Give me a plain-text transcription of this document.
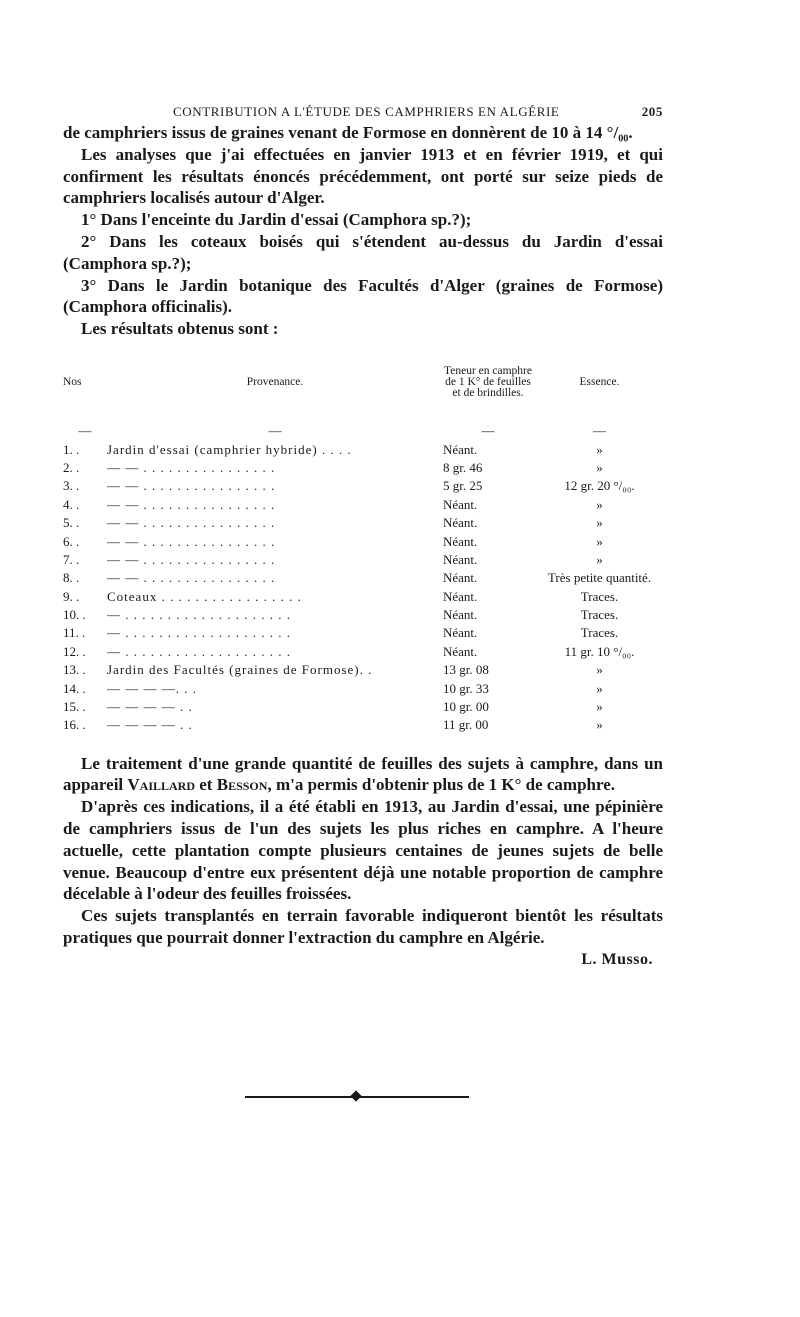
CONTRIBUTION A L'ÉTUDE DES CAMPHRIERS EN ALGÉRIE	205

de camphriers issus de graines venant de Formose en donnèrent de 10 à 14 °/₀₀.

Les analyses que j'ai effectuées en janvier 1913 et en février 1919, et qui confirment les résultats énoncés précédemment, ont porté sur seize pieds de camphriers localisés autour d'Alger.

1° Dans l'enceinte du Jardin d'essai (Camphora sp.?);

2° Dans les coteaux boisés qui s'étendent au-dessus du Jardin d'essai (Camphora sp.?);

3° Dans le Jardin botanique des Facultés d'Alger (graines de Formose) (Camphora officinalis).

Les résultats obtenus sont :

Nos	Provenance.	Teneur en camphre de 1 K° de feuilles et de brindilles.	Essence.
—	—	—	—
1. .	Jardin d'essai (camphrier hybride) . . . .	Néant.	»
2. .	— — . . . . . . . . . . . . . . . .	8 gr. 46	»
3. .	— — . . . . . . . . . . . . . . . .	5 gr. 25	12 gr. 20 °/₀₀.
4. .	— — . . . . . . . . . . . . . . . .	Néant.	»
5. .	— — . . . . . . . . . . . . . . . .	Néant.	»
6. .	— — . . . . . . . . . . . . . . . .	Néant.	»
7. .	— — . . . . . . . . . . . . . . . .	Néant.	»
8. .	— — . . . . . . . . . . . . . . . .	Néant.	Très petite quantité.
9. .	Coteaux . . . . . . . . . . . . . . . . .	Néant.	Traces.
10. .	— . . . . . . . . . . . . . . . . . . . .	Néant.	Traces.
11. .	— . . . . . . . . . . . . . . . . . . . .	Néant.	Traces.
12. .	— . . . . . . . . . . . . . . . . . . . .	Néant.	11 gr. 10 °/₀₀.
13. .	Jardin des Facultés (graines de Formose). .	13 gr. 08	»
14. .	— — — —. . .	10 gr. 33	»
15. .	— — — — . .	10 gr. 00	»
16. .	— — — — . .	11 gr. 00	»

Le traitement d'une grande quantité de feuilles des sujets à camphre, dans un appareil Vaillard et Besson, m'a permis d'obtenir plus de 1 K° de camphre.

D'après ces indications, il a été établi en 1913, au Jardin d'essai, une pépinière de camphriers issus de l'un des sujets les plus riches en camphre. A l'heure actuelle, cette plantation compte plusieurs centaines de jeunes sujets de belle venue. Beaucoup d'entre eux présentent déjà une notable proportion de camphre décelable à l'odeur des feuilles froissées.

Ces sujets transplantés en terrain favorable indiqueront bientôt les résultats pratiques que pourrait donner l'extraction du camphre en Algérie.

L. Musso.
